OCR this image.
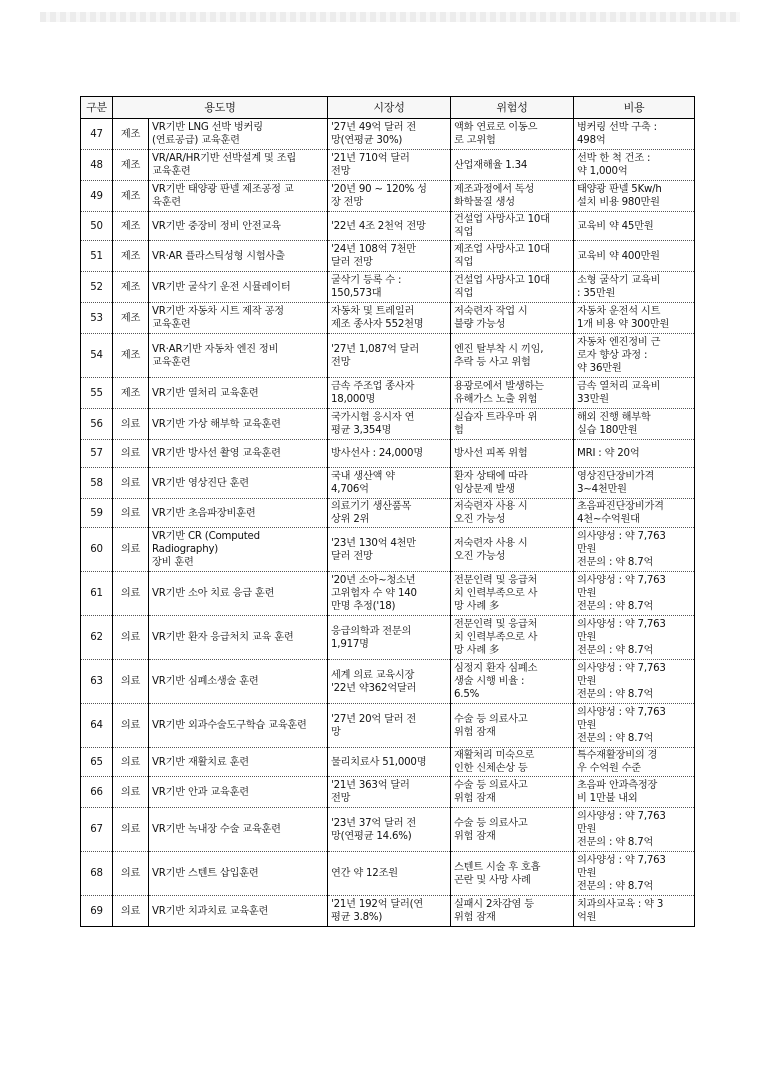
구분	용도명		시장성	위험성	비용
47	제조	VR기반 LNG 선박 벙커링
(연료공급) 교육훈련	'27년 49억 달러 전
망(연평균 30%)	액화 연료로 이동으
로 고위험	벙커링 선박 구축 :
498억
48	제조	VR/AR/HR기반 선박설계 및 조립
교육훈련	'21년 710억 달러
전망	산업재해율 1.34	선박 한 척 건조 :
약 1,000억
49	제조	VR기반 태양광 판넬 제조공정 교
육훈련	'20년 90 ~ 120% 성
장 전망	제조과정에서 독성
화학물질 생성	태양광 판넬 5Kw/h
설치 비용 980만원
50	제조	VR기반 중장비 정비 안전교육	'22년 4조 2천억 전망	건설업 사망사고 10대
직업	교육비 약 45만원
51	제조	VR·AR 플라스틱성형 시험사출	'24년 108억 7천만
달러 전망	제조업 사망사고 10대
직업	교육비 약 400만원
52	제조	VR기반 굴삭기 운전 시뮬레이터	굴삭기 등록 수 :
150,573대	건설업 사망사고 10대
직업	소형 굴삭기 교육비
: 35만원
53	제조	VR기반 자동차 시트 제작 공정
교육훈련	자동차 및 트레일러
제조 종사자 552천명	저숙련자 작업 시
불량 가능성	자동차 운전석 시트
1개 비용 약 300만원
54	제조	VR·AR기반 자동차 엔진 정비
교육훈련	'27년 1,087억 달러
전망	엔진 탈부착 시 끼임,
추락 등 사고 위험	자동차 엔진정비 근
로자 향상 과정 :
약 36만원
55	제조	VR기반 열처리 교육훈련	금속 주조업 종사자
18,000명	용광로에서 발생하는
유해가스 노출 위험	금속 열처리 교육비
33만원
56	의료	VR기반 가상 해부학 교육훈련	국가시험 응시자 연
평균 3,354명	실습자 트라우마 위
험	해외 진행 해부학
실습 180만원
57	의료	VR기반 방사선 촬영 교육훈련	방사선사 : 24,000명	방사선 피폭 위험	MRI : 약 20억
58	의료	VR기반 영상진단 훈련	국내 생산액 약
4,706억	환자 상태에 따라
임상문제 발생	영상진단장비가격
3~4천만원
59	의료	VR기반 초음파장비훈련	의료기기 생산품목
상위 2위	저숙련자 사용 시
오진 가능성	초음파진단장비가격
4천~수억원대
60	의료	VR기반 CR (Computed Radiography)
장비 훈련	'23년 130억 4천만
달러 전망	저숙련자 사용 시
오진 가능성	의사양성 : 약 7,763
만원
전문의 : 약 8.7억
61	의료	VR기반 소아 치료 응급 훈련	'20년 소아~청소년
고위험자 수 약 140
만명 추정('18)	전문인력 및 응급처
치 인력부족으로 사
망 사례 多	의사양성 : 약 7,763
만원
전문의 : 약 8.7억
62	의료	VR기반 환자 응급처치 교육 훈련	응급의학과 전문의
1,917명	전문인력 및 응급처
치 인력부족으로 사
망 사례 多	의사양성 : 약 7,763
만원
전문의 : 약 8.7억
63	의료	VR기반 심폐소생술 훈련	세계 의료 교육시장
'22년 약362억달러	심정지 환자 심폐소
생술 시행 비율 :
6.5%	의사양성 : 약 7,763
만원
전문의 : 약 8.7억
64	의료	VR기반 외과수술도구학습 교육훈련	'27년 20억 달러 전
망	수술 등 의료사고
위험 잠재	의사양성 : 약 7,763
만원
전문의 : 약 8.7억
65	의료	VR기반 재활치료 훈련	물리치료사 51,000명	재활처리 미숙으로
인한 신체손상 등	특수재활장비의 경
우 수억원 수준
66	의료	VR기반 안과 교육훈련	'21년 363억 달러
전망	수술 등 의료사고
위험 잠재	초음파 안과측정장
비 1만불 내외
67	의료	VR기반 녹내장 수술 교육훈련	'23년 37억 달러 전
망(연평균 14.6%)	수술 등 의료사고
위험 잠재	의사양성 : 약 7,763
만원
전문의 : 약 8.7억
68	의료	VR기반 스텐트 삽입훈련	연간 약 12조원	스텐트 시술 후 호흡
곤란 및 사망 사례	의사양성 : 약 7,763
만원
전문의 : 약 8.7억
69	의료	VR기반 치과치료 교육훈련	'21년 192억 달러(연
평균 3.8%)	실패시 2차감염 등
위험 잠재	치과의사교육 : 약 3
억원
